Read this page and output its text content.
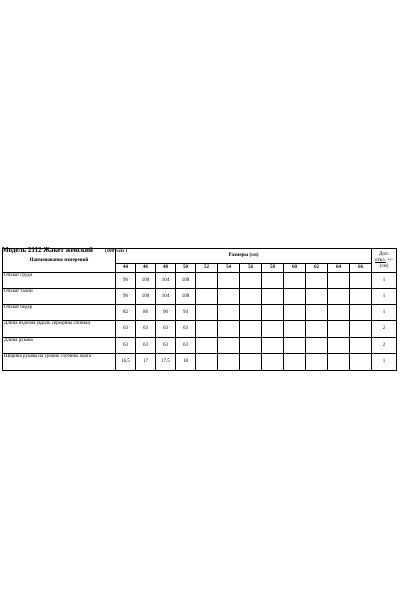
Модель 2112 Жакет женский (100%пэ )
Наименование измерений	Размеры (см)												Доп.
откл. +/-
(см)

	44	46	48	50	52	54	56	58	60	62	64	66	
Обхват груди	96	100	104	108									1
Обхват талии	96	100	104	108									1
Обхват бедер	82	86	90	94									1
Длина изделия (вдоль середины спинки)	63	63	63	63									2
Длина рукава	63	63	63	63									2
Ширина рукава на уровне глубины оката	16,5	17	17,5	18									1
